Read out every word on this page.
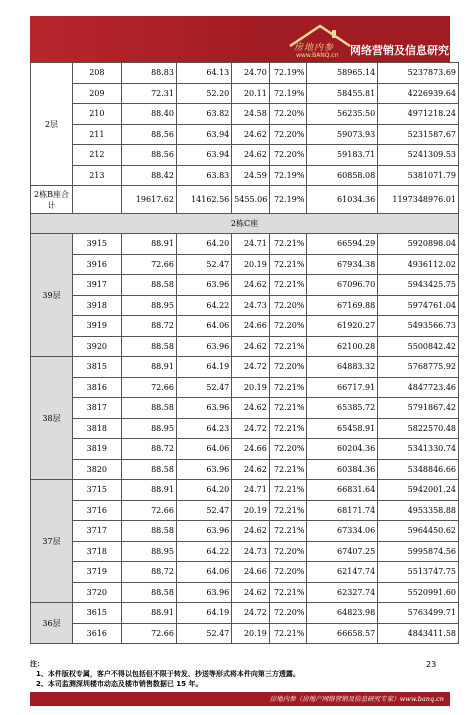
房地内参
www.BANQ.cn 网络营销及信息研究专家
2层	208	88.83	64.13	24.70	72.19%	58965.14	5237873.69
	209	72.31	52.20	20.11	72.19%	58455.81	4226939.64
	210	88.40	63.82	24.58	72.20%	56235.50	4971218.24
	211	88.56	63.94	24.62	72.20%	59073.93	5231587.67
	212	88.56	63.94	24.62	72.20%	59183.71	5241309.53
	213	88.42	63.83	24.59	72.19%	60858.08	5381071.79
2栋B座合计		19617.62	14162.56	5455.06	72.19%	61034.36	1197348976.01
2栋C座							
39层	3915	88.91	64.20	24.71	72.21%	66594.29	5920898.04
	3916	72.66	52.47	20.19	72.21%	67934.38	4936112.02
	3917	88.58	63.96	24.62	72.21%	67096.70	5943425.75
	3918	88.95	64.22	24.73	72.20%	67169.88	5974761.04
	3919	88.72	64.06	24.66	72.20%	61920.27	5493566.73
	3920	88.58	63.96	24.62	72.21%	62100.28	5500842.42
38层	3815	88.91	64.19	24.72	72.20%	64883.32	5768775.92
	3816	72.66	52.47	20.19	72.21%	66717.91	4847723.46
	3817	88.58	63.96	24.62	72.21%	65385.72	5791867.42
	3818	88.95	64.23	24.72	72.21%	65458.91	5822570.48
	3819	88.72	64.06	24.66	72.20%	60204.36	5341330.74
	3820	88.58	63.96	24.62	72.21%	60384.36	5348846.66
37层	3715	88.91	64.20	24.71	72.21%	66831.64	5942001.24
	3716	72.66	52.47	20.19	72.21%	68171.74	4953358.88
	3717	88.58	63.96	24.62	72.21%	67334.06	5964450.62
	3718	88.95	64.22	24.73	72.20%	67407.25	5995874.56
	3719	88.72	64.06	24.66	72.20%	62147.74	5513747.75
	3720	88.58	63.96	24.62	72.21%	62327.74	5520991.60
36层	3615	88.91	64.19	24.72	72.20%	64823.98	5763499.71
	3616	72.66	52.47	20.19	72.21%	66658.57	4843411.58
注：
1、本件版权专属，客户不得以包括但不限于转发、抄送等形式将本件向第三方透露。
2、本司监测深圳楼市动态及楼市销售数据已 15 年。
23
房地内参（房地产网络营销及信息研究专家）www.banq.cn
